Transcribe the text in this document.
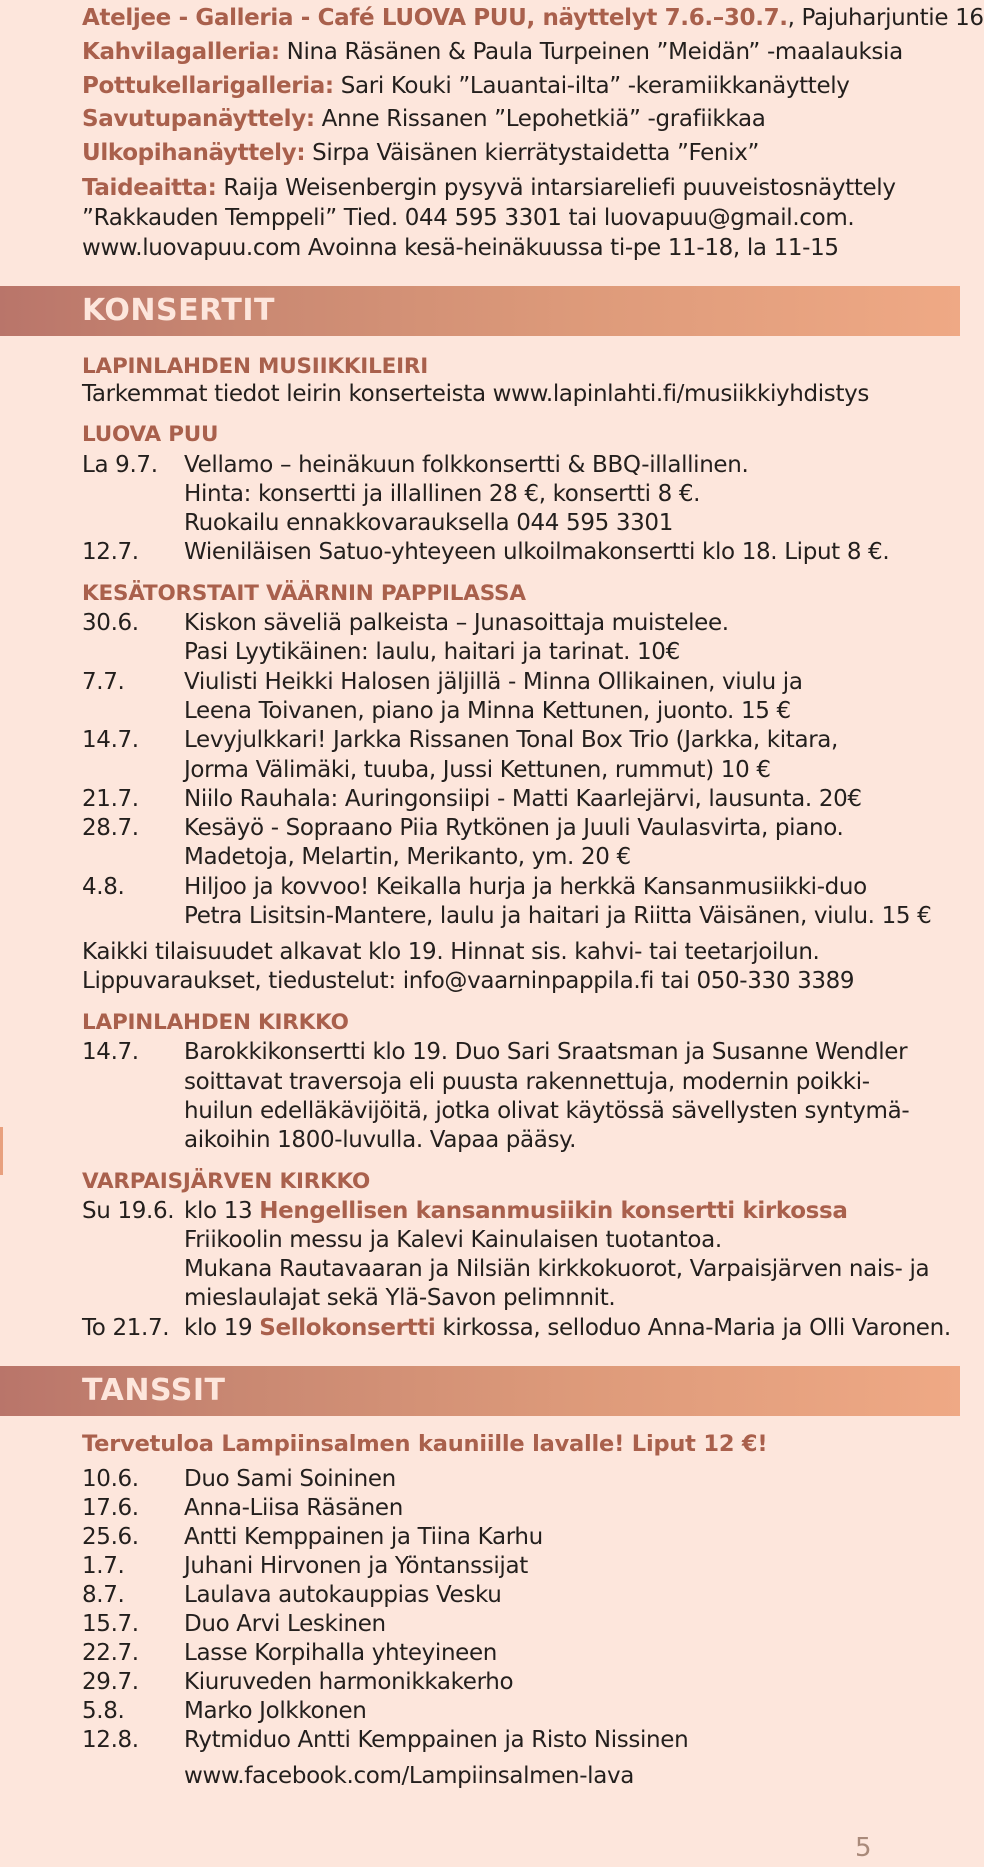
Ateljee - Galleria - Café LUOVA PUU, näyttelyt 7.6.–30.7., Pajuharjuntie 16
Kahvilagalleria: Nina Räsänen & Paula Turpeinen ”Meidän” -maalauksia
Pottukellarigalleria: Sari Kouki ”Lauantai-ilta” -keramiikkanäyttely
Savutupanäyttely: Anne Rissanen ”Lepohetkiä” -grafiikkaa
Ulkopihanäyttely: Sirpa Väisänen kierrätystaidetta ”Fenix”
Taideaitta: Raija Weisenbergin pysyvä intarsiareliefi puuveistosnäyttely
”Rakkauden Temppeli” Tied. 044 595 3301 tai luovapuu@gmail.com.
www.luovapuu.com Avoinna kesä-heinäkuussa ti-pe 11-18, la 11-15
KONSERTIT
LAPINLAHDEN MUSIIKKILEIRI
Tarkemmat tiedot leirin konserteista www.lapinlahti.fi/musiikkiyhdistys
LUOVA PUU
La 9.7. Vellamo – heinäkuun folkkonsertti & BBQ-illallinen.
Hinta: konsertti ja illallinen 28 €, konsertti 8 €.
Ruokailu ennakkovarauksella 044 595 3301
12.7. Wieniläisen Satuo-yhteyeen ulkoilmakonsertti klo 18. Liput 8 €.
KESÄTORSTAIT VÄÄRNIN PAPPILASSA
30.6. Kiskon säveliä palkeista – Junasoittaja muistelee.
Pasi Lyytikäinen: laulu, haitari ja tarinat. 10€
7.7.	Viulisti Heikki Halosen jäljillä - Minna Ollikainen, viulu ja
Leena Toivanen, piano ja Minna Kettunen, juonto. 15 €
14.7. Levyjulkkari! Jarkka Rissanen Tonal Box Trio (Jarkka, kitara,
Jorma Välimäki, tuuba, Jussi Kettunen, rummut) 10 €
21.7. Niilo Rauhala: Auringonsiipi - Matti Kaarlejärvi, lausunta. 20€
28.7. Kesäyö - Sopraano Piia Rytkönen ja Juuli Vaulasvirta, piano.
Madetoja, Melartin, Merikanto, ym. 20 €
4.8.	Hiljoo ja kovvoo! Keikalla hurja ja herkkä Kansanmusiikki-duo
Petra Lisitsin-Mantere, laulu ja haitari ja Riitta Väisänen, viulu. 15 €
Kaikki tilaisuudet alkavat klo 19. Hinnat sis. kahvi- tai teetarjoilun.
Lippuvaraukset, tiedustelut: info@vaarninpappila.fi tai 050-330 3389
LAPINLAHDEN KIRKKO
14.7. Barokkikonsertti klo 19. Duo Sari Sraatsman ja Susanne Wendler
soittavat traversoja eli puusta rakennettuja, modernin poikki-
huilun edelläkävijöitä, jotka olivat käytössä sävellysten syntymä-
aikoihin 1800-luvulla. Vapaa pääsy.
VARPAISJÄRVEN KIRKKO
Su 19.6. klo 13 Hengellisen kansanmusiikin konsertti kirkossa
Friikoolin messu ja Kalevi Kainulaisen tuotantoa.
Mukana Rautavaaran ja Nilsiän kirkkokuorot, Varpaisjärven nais- ja
mieslaulajat sekä Ylä-Savon pelimnnit.
To 21.7. klo 19 Sellokonsertti kirkossa, selloduo Anna-Maria ja Olli Varonen.
TANSSIT
Tervetuloa Lampiinsalmen kauniille lavalle! Liput 12 €!
10.6. Duo Sami Soininen
17.6. Anna-Liisa Räsänen
25.6. Antti Kemppainen ja Tiina Karhu
1.7.	Juhani Hirvonen ja Yöntanssijat
8.7.	Laulava autokauppias Vesku
15.7. Duo Arvi Leskinen
22.7. Lasse Korpihalla yhteyineen
29.7. Kiuruveden harmonikkakerho
5.8.	Marko Jolkkonen
12.8. Rytmiduo Antti Kemppainen ja Risto Nissinen
www.facebook.com/Lampiinsalmen-lava
5
